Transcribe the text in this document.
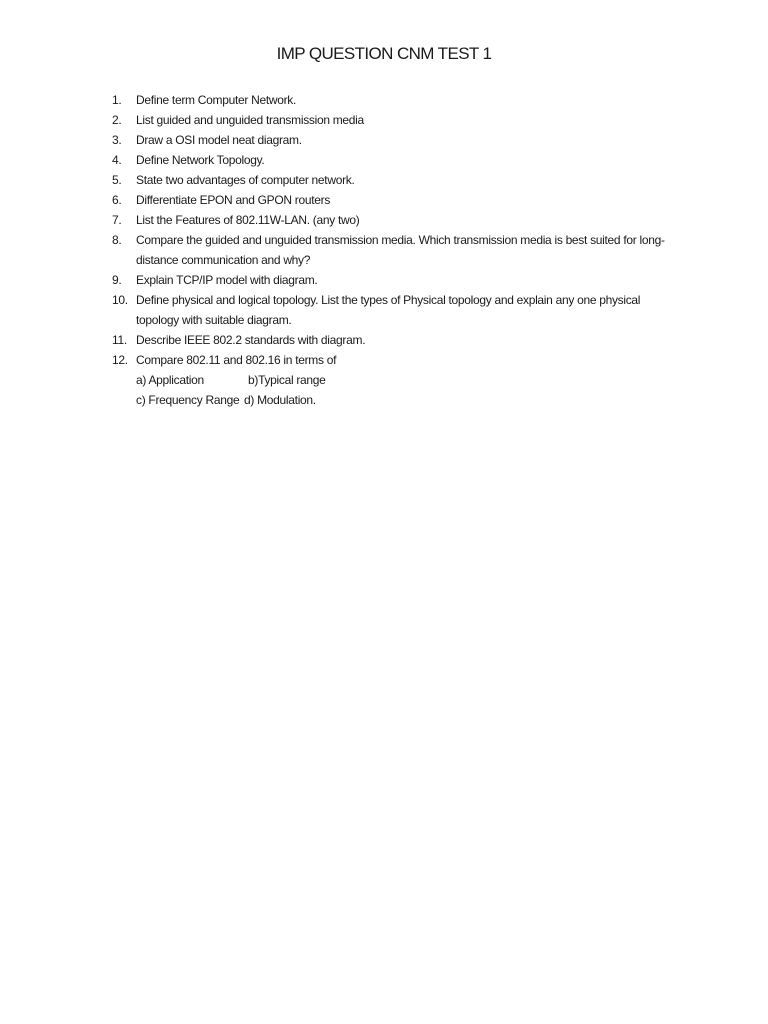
IMP QUESTION CNM TEST 1
1. Define term Computer Network.
2. List guided and unguided transmission media
3. Draw a OSI model neat diagram.
4. Define Network Topology.
5. State two advantages of computer network.
6. Differentiate EPON and GPON routers
7. List the Features of 802.11W-LAN. (any two)
8. Compare the guided and unguided transmission media. Which transmission media is best suited for long-distance communication and why?
9. Explain TCP/IP model with diagram.
10. Define physical and logical topology. List the types of Physical topology and explain any one physical topology with suitable diagram.
11. Describe IEEE 802.2 standards with diagram.
12. Compare 802.11 and 802.16 in terms of
a) Application	b)Typical range
c) Frequency Range d) Modulation.
